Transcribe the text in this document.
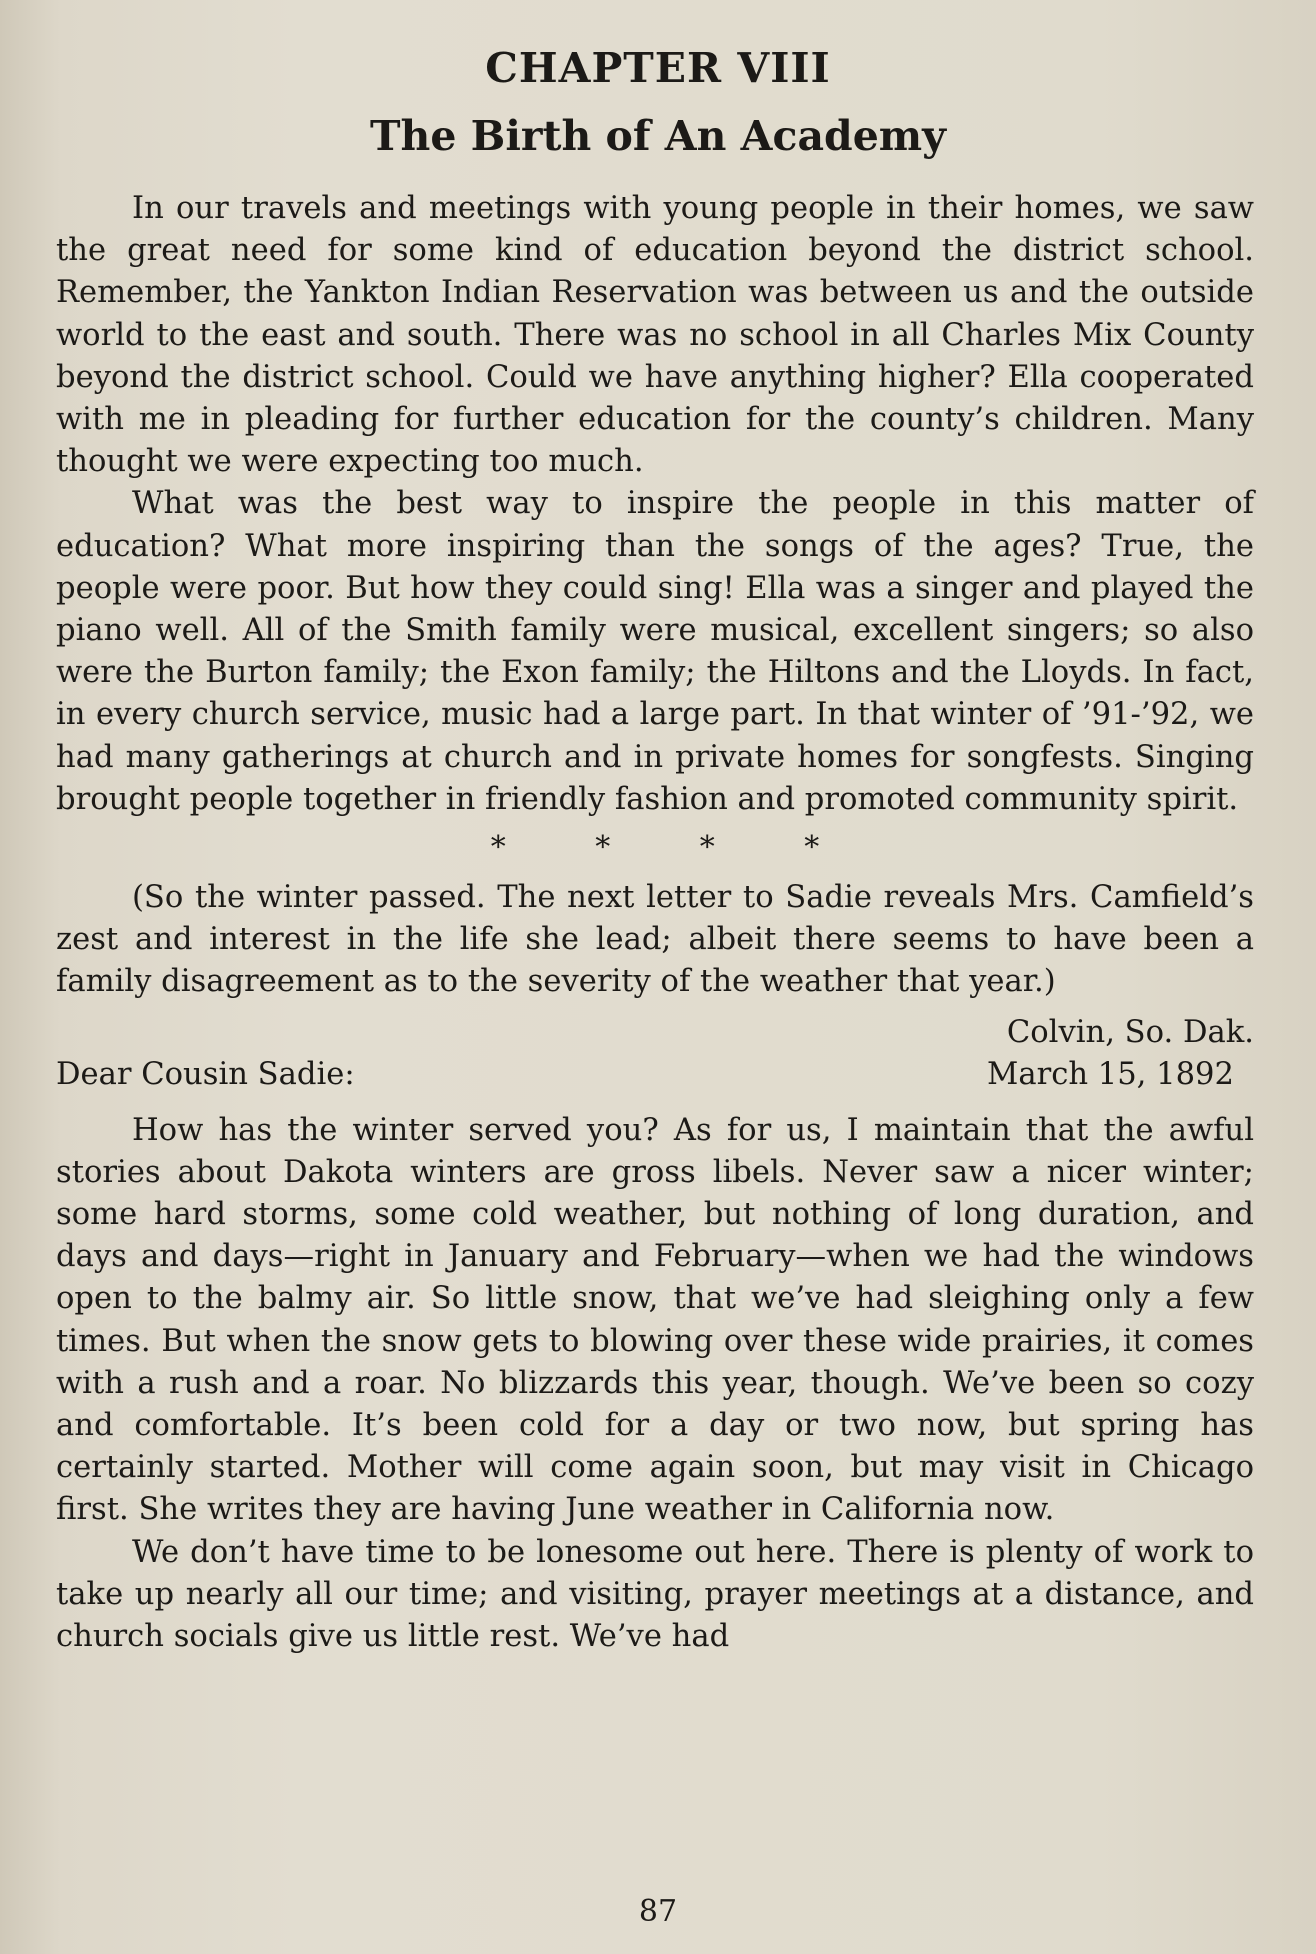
CHAPTER VIII
The Birth of An Academy

In our travels and meetings with young people in their homes, we saw the great need for some kind of education beyond the district school. Remember, the Yankton Indian Reservation was between us and the outside world to the east and south. There was no school in all Charles Mix County beyond the district school. Could we have anything higher? Ella cooperated with me in pleading for further education for the county’s children. Many thought we were expecting too much.

What was the best way to inspire the people in this matter of education? What more inspiring than the songs of the ages? True, the people were poor. But how they could sing! Ella was a singer and played the piano well. All of the Smith family were musical, excellent singers; so also were the Burton family; the Exon family; the Hiltons and the Lloyds. In fact, in every church service, music had a large part. In that winter of ’91-’92, we had many gatherings at church and in private homes for songfests. Singing brought people together in friendly fashion and promoted community spirit.

* * * *

(So the winter passed. The next letter to Sadie reveals Mrs. Camfield’s zest and interest in the life she lead; albeit there seems to have been a family disagreement as to the severity of the weather that year.)

Colvin, So. Dak.
Dear Cousin Sadie:	March 15, 1892

How has the winter served you? As for us, I maintain that the awful stories about Dakota winters are gross libels. Never saw a nicer winter; some hard storms, some cold weather, but nothing of long duration, and days and days—right in January and February—when we had the windows open to the balmy air. So little snow, that we’ve had sleighing only a few times. But when the snow gets to blowing over these wide prairies, it comes with a rush and a roar. No blizzards this year, though. We’ve been so cozy and comfortable. It’s been cold for a day or two now, but spring has certainly started. Mother will come again soon, but may visit in Chicago first. She writes they are having June weather in California now.

We don’t have time to be lonesome out here. There is plenty of work to take up nearly all our time; and visiting, prayer meetings at a distance, and church socials give us little rest. We’ve had

87
